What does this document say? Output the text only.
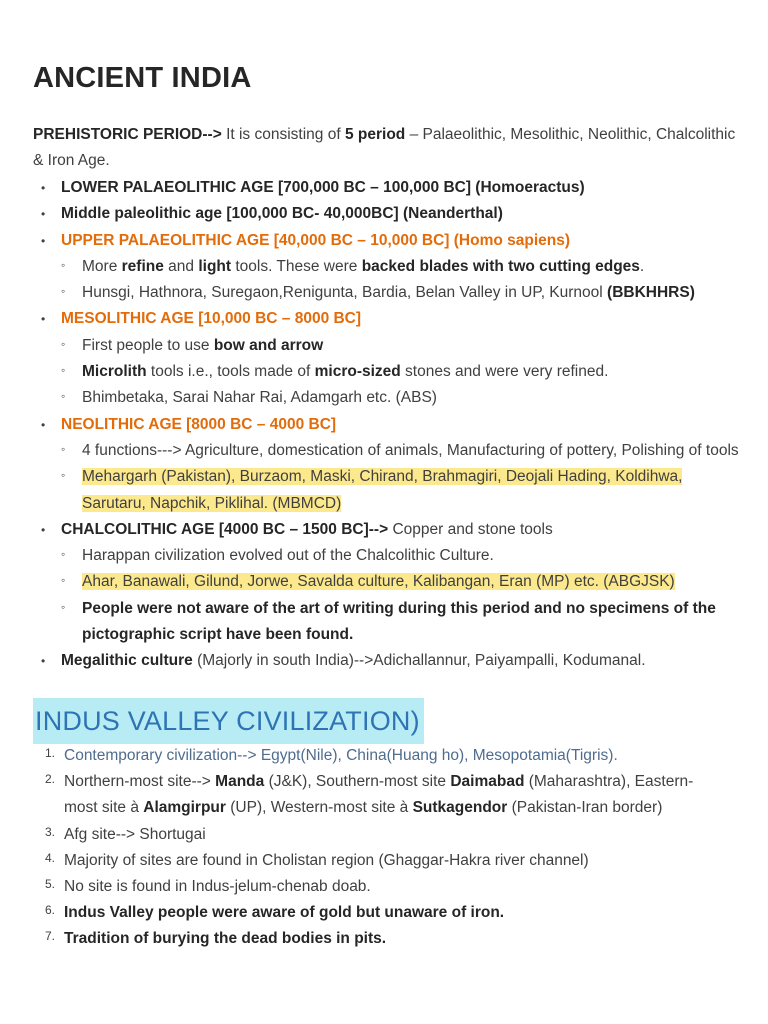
ANCIENT INDIA

PREHISTORIC PERIOD--> It is consisting of 5 period – Palaeolithic, Mesolithic, Neolithic, Chalcolithic & Iron Age.

• LOWER PALAEOLITHIC AGE [700,000 BC – 100,000 BC] (Homoeractus)
• Middle paleolithic age [100,000 BC- 40,000BC] (Neanderthal)
• UPPER PALAEOLITHIC AGE [40,000 BC – 10,000 BC] (Homo sapiens)
◦ More refine and light tools. These were backed blades with two cutting edges.
◦ Hunsgi, Hathnora, Suregaon,Renigunta, Bardia, Belan Valley in UP, Kurnool (BBKHHRS)
• MESOLITHIC AGE [10,000 BC – 8000 BC]
◦ First people to use bow and arrow
◦ Microlith tools i.e., tools made of micro-sized stones and were very refined.
◦ Bhimbetaka, Sarai Nahar Rai, Adamgarh etc. (ABS)
• NEOLITHIC AGE [8000 BC – 4000 BC]
◦ 4 functions---> Agriculture, domestication of animals, Manufacturing of pottery, Polishing of tools
◦ Mehargarh (Pakistan), Burzaom, Maski, Chirand, Brahmagiri, Deojali Hading, Koldihwa,
Sarutaru, Napchik, Piklihal. (MBMCD)
• CHALCOLITHIC AGE [4000 BC – 1500 BC]--> Copper and stone tools
◦ Harappan civilization evolved out of the Chalcolithic Culture.
◦ Ahar, Banawali, Gilund, Jorwe, Savalda culture, Kalibangan, Eran (MP) etc. (ABGJSK)
◦ People were not aware of the art of writing during this period and no specimens of the pictographic script have been found.
• Megalithic culture (Majorly in south India)-->Adichallannur, Paiyampalli, Kodumanal.
INDUS VALLEY CIVILIZATION)
1. Contemporary civilization--> Egypt(Nile), China(Huang ho), Mesopotamia(Tigris).
2. Northern-most site--> Manda (J&K), Southern-most site Daimabad (Maharashtra), Eastern-most site à Alamgirpur (UP), Western-most site à Sutkagendor (Pakistan-Iran border)
3. Afg site--> Shortugai
4. Majority of sites are found in Cholistan region (Ghaggar-Hakra river channel)
5. No site is found in Indus-jelum-chenab doab.
6. Indus Valley people were aware of gold but unaware of iron.
7. Tradition of burying the dead bodies in pits.
